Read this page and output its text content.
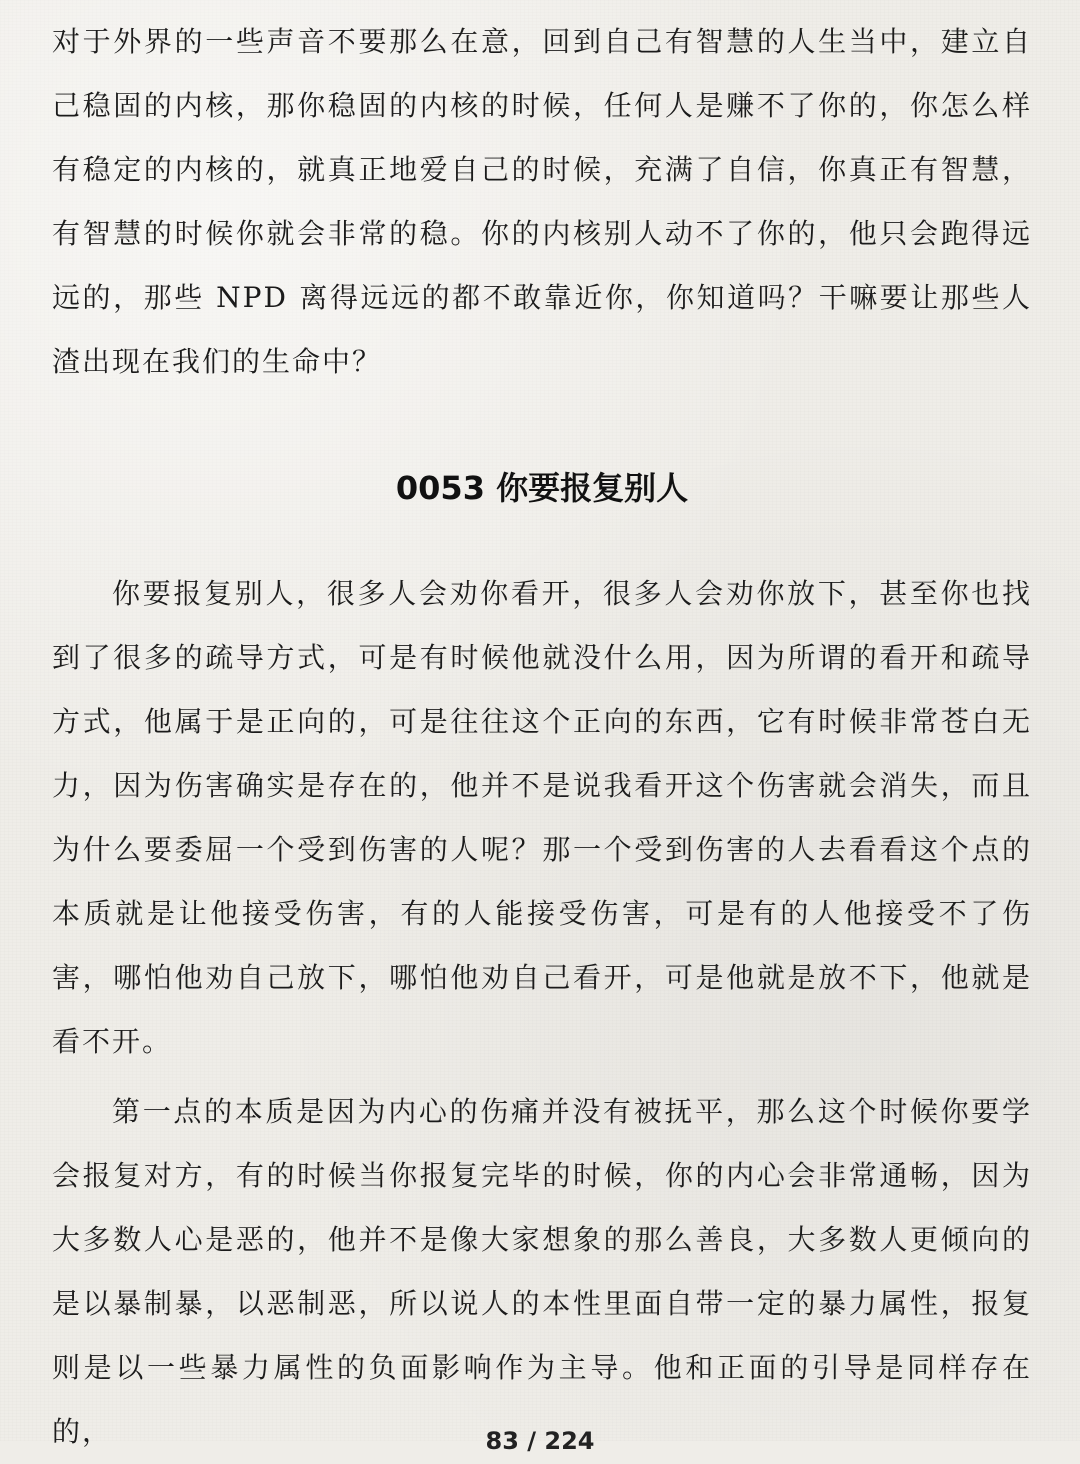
对于外界的一些声音不要那么在意，回到自己有智慧的人生当中，建立自己稳固的内核，那你稳固的内核的时候，任何人是赚不了你的，你怎么样有稳定的内核的，就真正地爱自己的时候，充满了自信，你真正有智慧，有智慧的时候你就会非常的稳。你的内核别人动不了你的，他只会跑得远远的，那些 NPD 离得远远的都不敢靠近你，你知道吗？干嘛要让那些人渣出现在我们的生命中？

0053 你要报复别人

你要报复别人，很多人会劝你看开，很多人会劝你放下，甚至你也找到了很多的疏导方式，可是有时候他就没什么用，因为所谓的看开和疏导方式，他属于是正向的，可是往往这个正向的东西，它有时候非常苍白无力，因为伤害确实是存在的，他并不是说我看开这个伤害就会消失，而且为什么要委屈一个受到伤害的人呢？那一个受到伤害的人去看看这个点的本质就是让他接受伤害，有的人能接受伤害，可是有的人他接受不了伤害，哪怕他劝自己放下，哪怕他劝自己看开，可是他就是放不下，他就是看不开。

第一点的本质是因为内心的伤痛并没有被抚平，那么这个时候你要学会报复对方，有的时候当你报复完毕的时候，你的内心会非常通畅，因为大多数人心是恶的，他并不是像大家想象的那么善良，大多数人更倾向的是以暴制暴，以恶制恶，所以说人的本性里面自带一定的暴力属性，报复则是以一些暴力属性的负面影响作为主导。他和正面的引导是同样存在的，	83 / 224
